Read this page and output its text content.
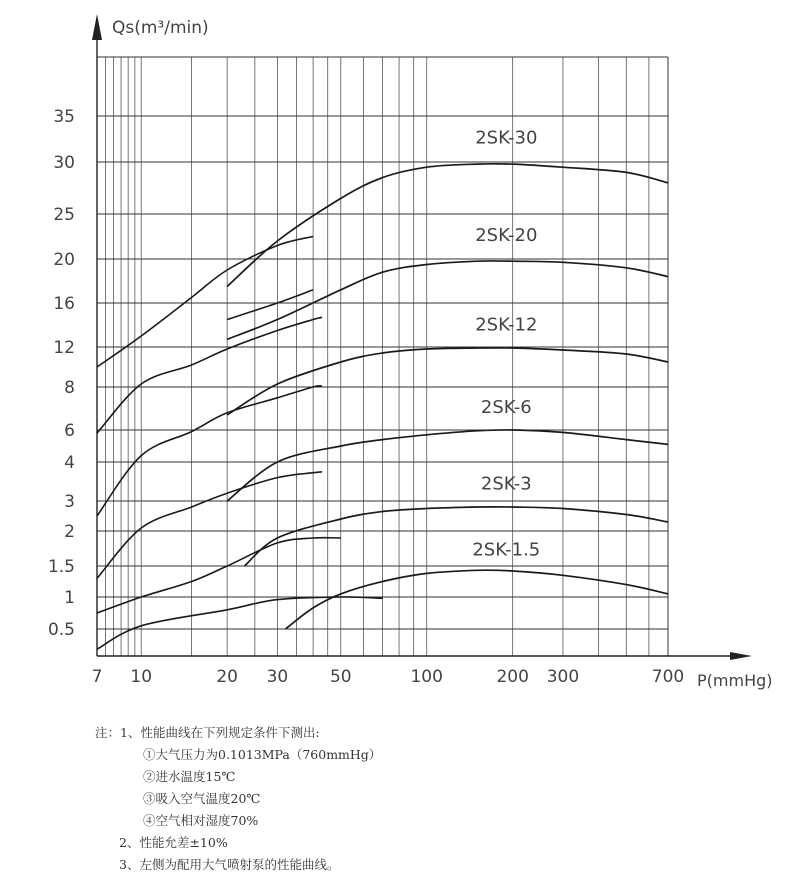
7 10	20 30 50	100	200 300	700
0.5
1
1.5
2
3
4
6
8
12
16
20
25
30
35
2SK-30
2SK-20
2SK-12
2SK-6
2SK-3
2SK-1.5
Qs(m³/min)
P(mmHg)
注：1、性能曲线在下列规定条件下测出:
①大气压力为0.1013MPa（760mmHg）
②进水温度15℃
③吸入空气温度20℃
④空气相对湿度70%
2、性能允差±10%
3、左侧为配用大气喷射泵的性能曲线。
